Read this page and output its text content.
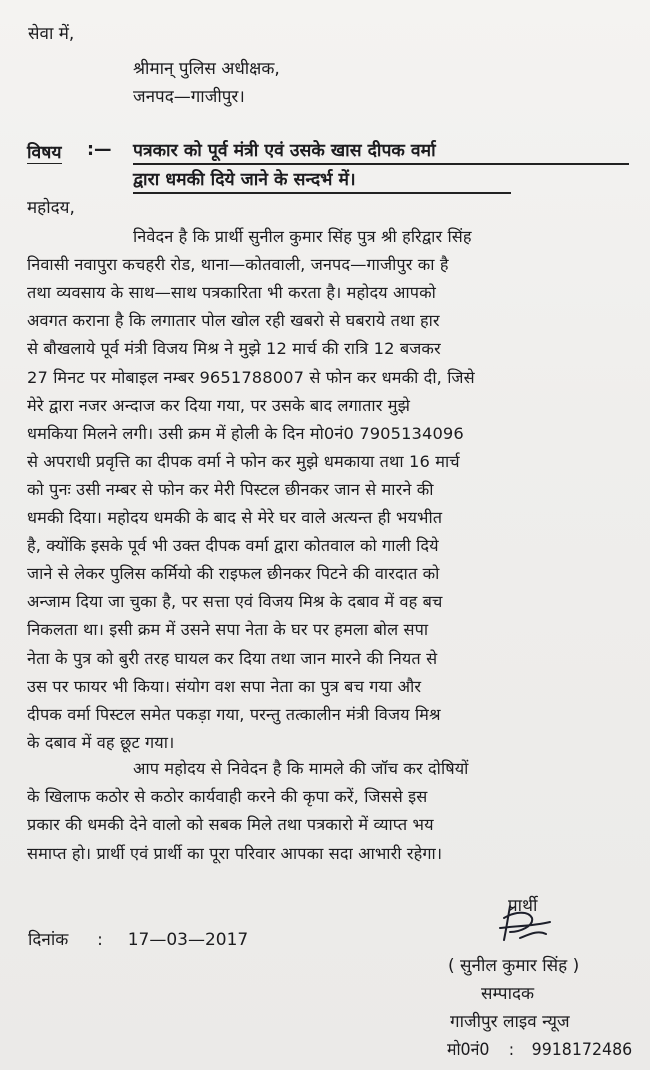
सेवा में,
श्रीमान् पुलिस अधीक्षक,
जनपद—गाजीपुर।
विषय :— पत्रकार को पूर्व मंत्री एवं उसके खास दीपक वर्मा
द्वारा धमकी दिये जाने के सन्दर्भ में।
महोदय,
निवेदन है कि प्रार्थी सुनील कुमार सिंह पुत्र श्री हरिद्वार सिंह
निवासी नवापुरा कचहरी रोड, थाना—कोतवाली, जनपद—गाजीपुर का है
तथा व्यवसाय के साथ—साथ पत्रकारिता भी करता है। महोदय आपको
अवगत कराना है कि लगातार पोल खोल रही खबरो से घबराये तथा हार
से बौखलाये पूर्व मंत्री विजय मिश्र ने मुझे 12 मार्च की रात्रि 12 बजकर
27 मिनट पर मोबाइल नम्बर 9651788007 से फोन कर धमकी दी, जिसे
मेरे द्वारा नजर अन्दाज कर दिया गया, पर उसके बाद लगातार मुझे
धमकिया मिलने लगी। उसी क्रम में होली के दिन मो0नं0 7905134096
से अपराधी प्रवृत्ति का दीपक वर्मा ने फोन कर मुझे धमकाया तथा 16 मार्च
को पुनः उसी नम्बर से फोन कर मेरी पिस्टल छीनकर जान से मारने की
धमकी दिया। महोदय धमकी के बाद से मेरे घर वाले अत्यन्त ही भयभीत
है, क्योंकि इसके पूर्व भी उक्त दीपक वर्मा द्वारा कोतवाल को गाली दिये
जाने से लेकर पुलिस कर्मियो की राइफल छीनकर पिटने की वारदात को
अन्जाम दिया जा चुका है, पर सत्ता एवं विजय मिश्र के दबाव में वह बच
निकलता था। इसी क्रम में उसने सपा नेता के घर पर हमला बोल सपा
नेता के पुत्र को बुरी तरह घायल कर दिया तथा जान मारने की नियत से
उस पर फायर भी किया। संयोग वश सपा नेता का पुत्र बच गया और
दीपक वर्मा पिस्टल समेत पकड़ा गया, परन्तु तत्कालीन मंत्री विजय मिश्र
के दबाव में वह छूट गया।
आप महोदय से निवेदन है कि मामले की जॉच कर दोषियों
के खिलाफ कठोर से कठोर कार्यवाही करने की कृपा करें, जिससे इस
प्रकार की धमकी देने वालो को सबक मिले तथा पत्रकारो में व्याप्त भय
समाप्त हो। प्रार्थी एवं प्रार्थी का पूरा परिवार आपका सदा आभारी रहेगा।
प्रार्थी
दिनांक : 17—03—2017
( सुनील कुमार सिंह )
सम्पादक
गाजीपुर लाइव न्यूज
मो0नं0 : 9918172486
